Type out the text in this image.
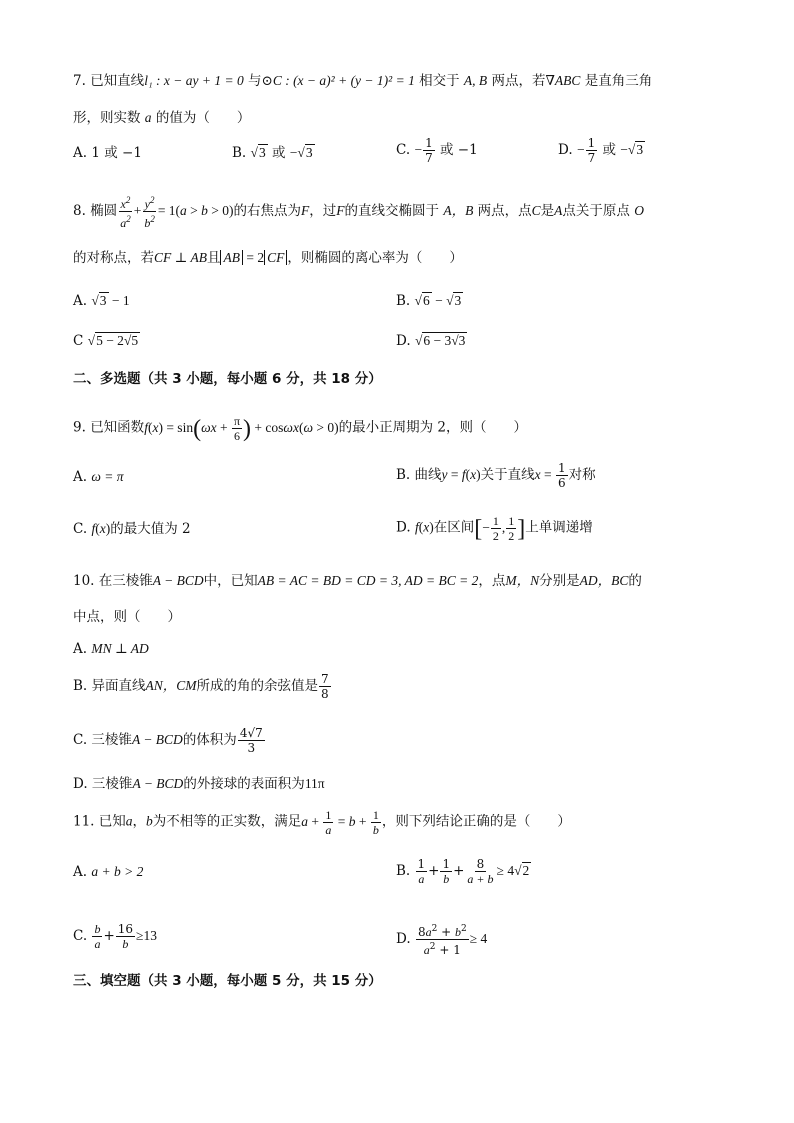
7. 已知直线l₁ : x − ay + 1 = 0 与⊙C : (x − a)² + (y − 1)² = 1 相交于 A, B 两点，若∇ABC 是直角三角
形，则实数 a 的值为（　　）
A. 1 或 −1	B. √3 或 −√3	C. − $\frac{1}{7}$ 或 −1	D. − $\frac{1}{7}$ 或 −√3
8. 椭圆 $\frac{x^2}{a^2} + \frac{y^2}{b^2} = 1(a > b > 0)$的右焦点为F，过F的直线交椭圆于 A，B 两点，点C是A点关于原点 O
的对称点，若CF ⊥ AB且 AB = 2 CF ，则椭圆的离心率为（　　）
A. √3 − 1	B. √6 − √3
C √5 − 2√5	D. √6 − 3√3
二、多选题（共 3 小题，每小题 6 分，共 18 分）
9. 已知函数$f(x) = \sin(\omega x + \frac{\pi}{6}$ ) + cosωx(ω > 0)的最小正周期为 2，则（　　）
A. ω = π	B. 曲线y = f(x)关于直线$x = \frac{1}{6}$ 对称
C. f(x)的最大值为 2	D. f(x)在区间[− $\frac{1}{2}$ , $\frac{1}{2}$ ]上单调递增
10. 在三棱锥A − BCD中，已知AB = AC = BD = CD = 3, AD = BC = 2，点M，N分别是AD，BC的
中点，则（　　）
A. MN ⊥ AD
B. 异面直线AN，CM所成的角的余弦值是 $\frac{7}{8}$
C. 三棱锥A − BCD的体积为 $\frac{4√7}{3}$
D. 三棱锥A − BCD的外接球的表面积为11π
11. 已知a，b为不相等的正实数，满足$a + \frac{1}{a} = b + \frac{1}{b}$ ，则下列结论正确的是（　　）
A. a + b > 2	B. $\frac{1}{a} + \frac{1}{b} + \frac{8}{a + b} \ge 4√2$
C. $\frac{b}{a} + \frac{16}{b} \ge 13$	D. $\frac{8a^2 + b^2}{a^2 + 1} \ge 4$
三、填空题（共 3 小题，每小题 5 分，共 15 分）
